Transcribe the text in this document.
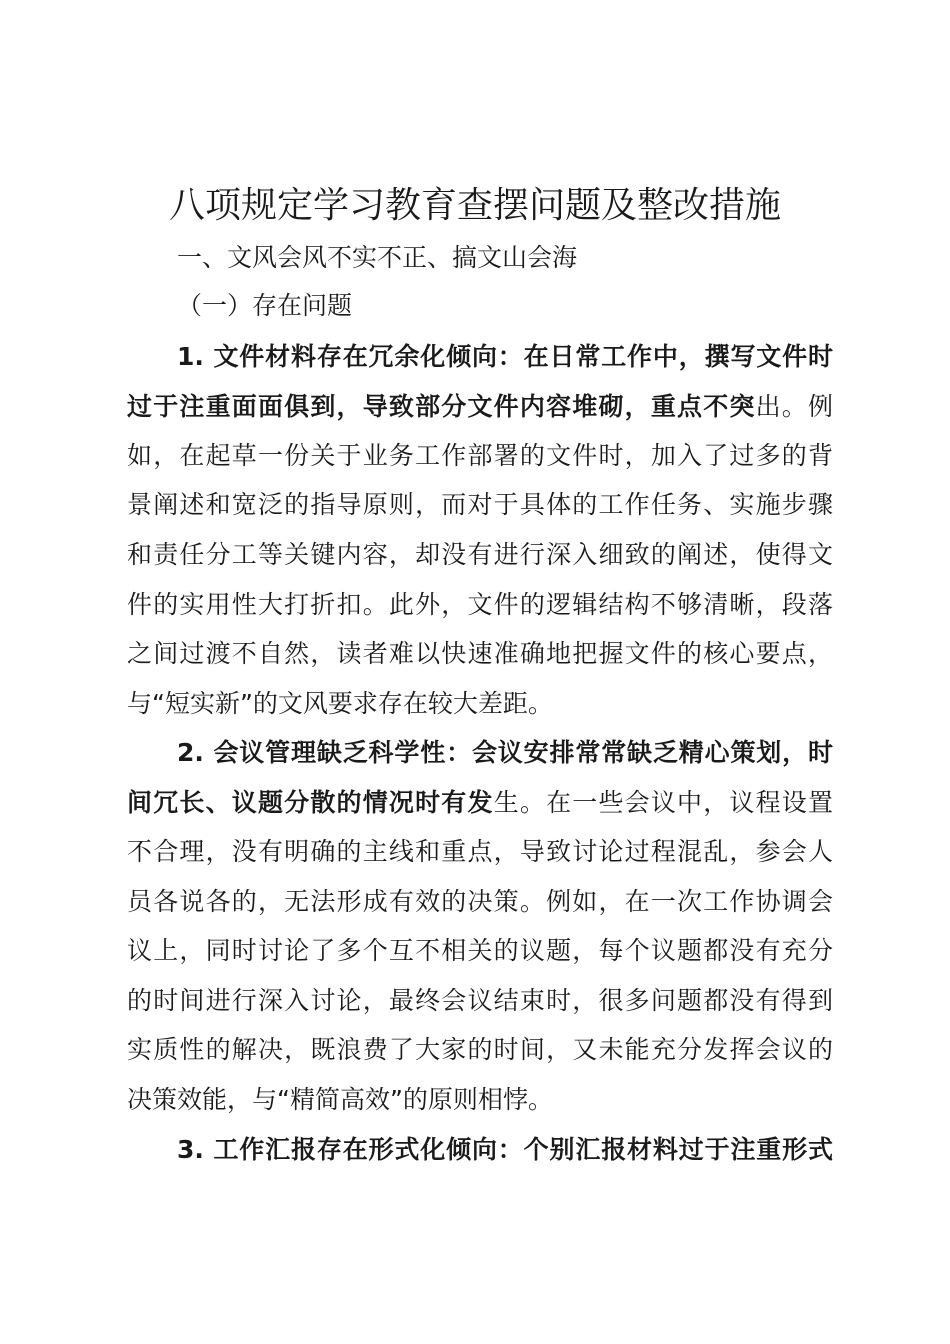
八项规定学习教育查摆问题及整改措施

一、文风会风不实不正、搞文山会海

（一）存在问题

1. 文件材料存在冗余化倾向：在日常工作中，撰写文件时

过于注重面面俱到，导致部分文件内容堆砌，重点不突出。例

如，在起草一份关于业务工作部署的文件时，加入了过多的背

景阐述和宽泛的指导原则，而对于具体的工作任务、实施步骤

和责任分工等关键内容，却没有进行深入细致的阐述，使得文

件的实用性大打折扣。此外，文件的逻辑结构不够清晰，段落

之间过渡不自然，读者难以快速准确地把握文件的核心要点，

与“短实新”的文风要求存在较大差距。

2. 会议管理缺乏科学性：会议安排常常缺乏精心策划，时

间冗长、议题分散的情况时有发生。在一些会议中，议程设置

不合理，没有明确的主线和重点，导致讨论过程混乱，参会人

员各说各的，无法形成有效的决策。例如，在一次工作协调会

议上，同时讨论了多个互不相关的议题，每个议题都没有充分

的时间进行深入讨论，最终会议结束时，很多问题都没有得到

实质性的解决，既浪费了大家的时间，又未能充分发挥会议的

决策效能，与“精简高效”的原则相悖。

3. 工作汇报存在形式化倾向：个别汇报材料过于注重形式
